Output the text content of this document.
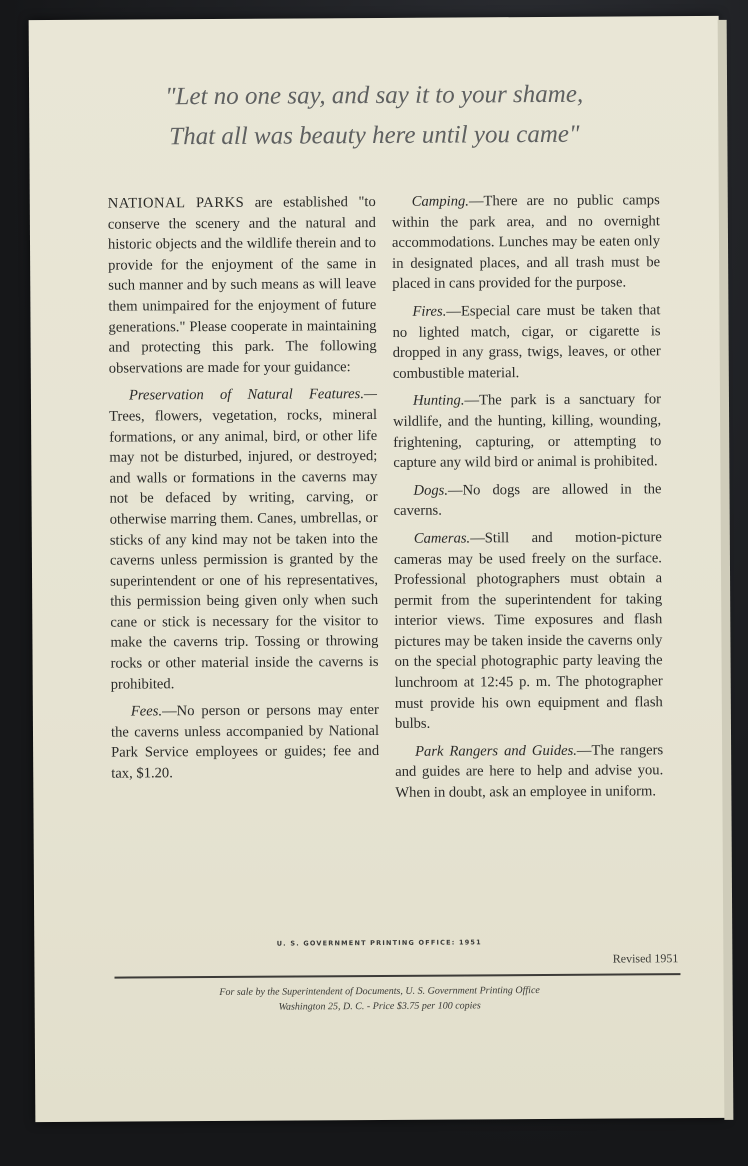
"Let no one say, and say it to your shame,
That all was beauty here until you came"

NATIONAL PARKS are established "to conserve the scenery and the natural and historic objects and the wildlife therein and to provide for the enjoyment of the same in such manner and by such means as will leave them unimpaired for the enjoyment of future generations." Please cooperate in maintaining and protecting this park. The following observations are made for your guidance:

Preservation of Natural Features.— Trees, flowers, vegetation, rocks, mineral formations, or any animal, bird, or other life may not be disturbed, injured, or destroyed; and walls or formations in the caverns may not be defaced by writing, carving, or otherwise marring them. Canes, umbrellas, or sticks of any kind may not be taken into the caverns unless permission is granted by the superintendent or one of his representatives, this permission being given only when such cane or stick is necessary for the visitor to make the caverns trip. Tossing or throwing rocks or other material inside the caverns is prohibited.

Fees.—No person or persons may enter the caverns unless accompanied by National Park Service employees or guides; fee and tax, $1.20.

Camping.—There are no public camps within the park area, and no overnight accommodations. Lunches may be eaten only in designated places, and all trash must be placed in cans provided for the purpose.

Fires.—Especial care must be taken that no lighted match, cigar, or cigarette is dropped in any grass, twigs, leaves, or other combustible material.

Hunting.—The park is a sanctuary for wildlife, and the hunting, killing, wounding, frightening, capturing, or attempting to capture any wild bird or animal is prohibited.

Dogs.—No dogs are allowed in the caverns.

Cameras.—Still and motion-picture cameras may be used freely on the surface. Professional photographers must obtain a permit from the superintendent for taking interior views. Time exposures and flash pictures may be taken inside the caverns only on the special photographic party leaving the lunchroom at 12:45 p. m. The photographer must provide his own equipment and flash bulbs.

Park Rangers and Guides.—The rangers and guides are here to help and advise you. When in doubt, ask an employee in uniform.

U. S. GOVERNMENT PRINTING OFFICE: 1951
Revised 1951
For sale by the Superintendent of Documents, U. S. Government Printing Office
Washington 25, D. C. - Price $3.75 per 100 copies
